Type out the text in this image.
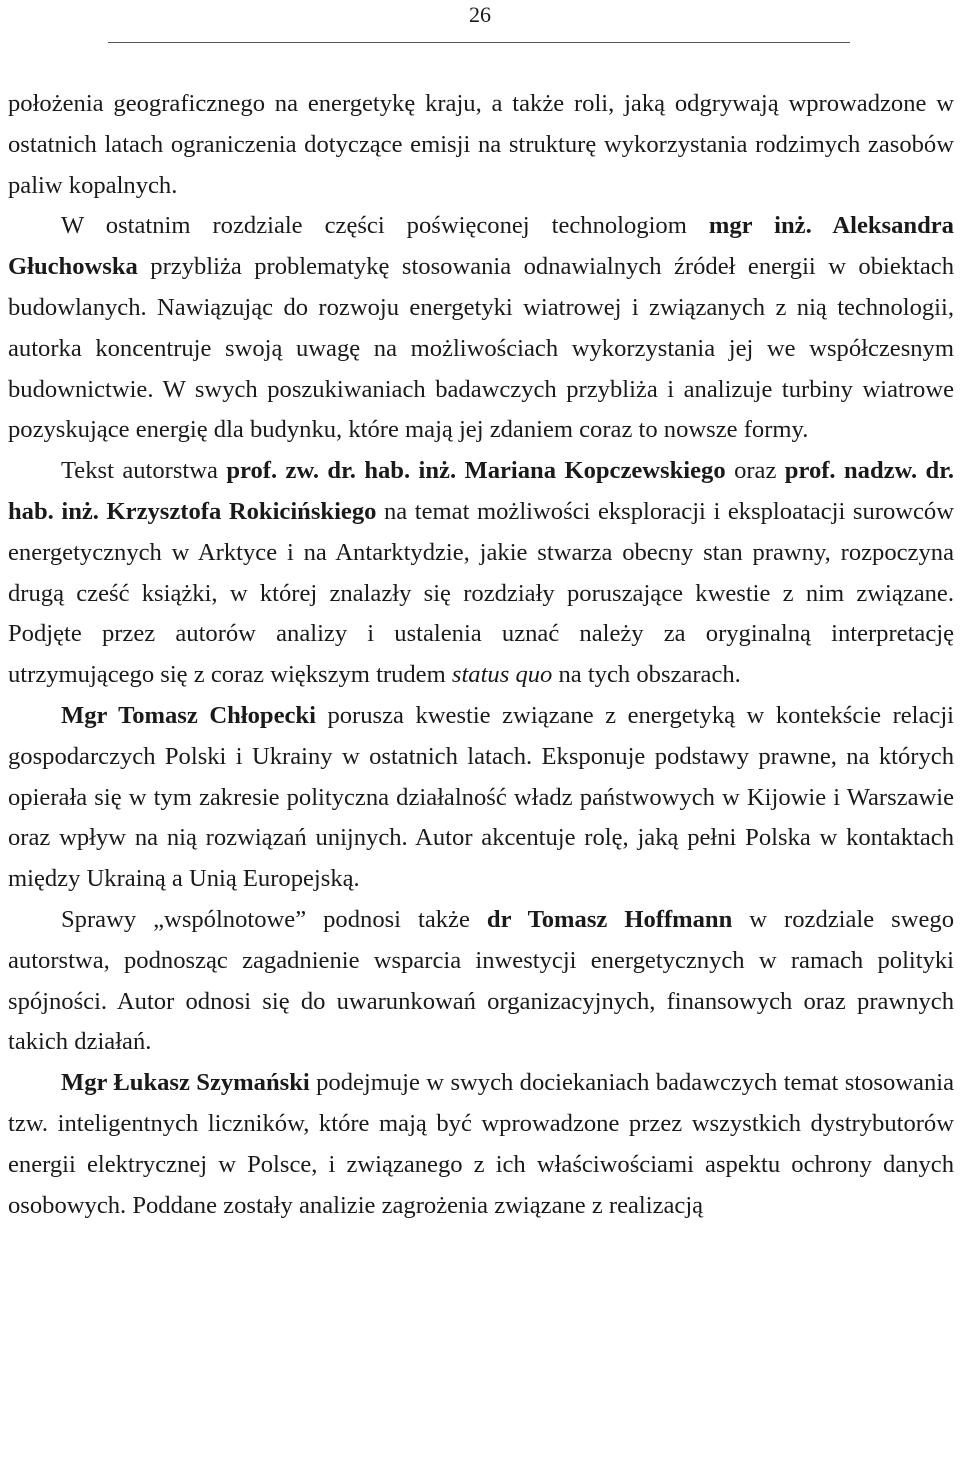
26

położenia geograficznego na energetykę kraju, a także roli, jaką odgrywają wprowadzone w ostatnich latach ograniczenia dotyczące emisji na strukturę wykorzystania rodzimych zasobów paliw kopalnych.

W ostatnim rozdziale części poświęconej technologiom mgr inż. Aleksandra Głuchowska przybliża problematykę stosowania odnawialnych źródeł energii w obiektach budowlanych. Nawiązując do rozwoju energetyki wiatrowej i związanych z nią technologii, autorka koncentruje swoją uwagę na możliwościach wykorzystania jej we współczesnym budownictwie. W swych poszukiwaniach badawczych przybliża i analizuje turbiny wiatrowe pozyskujące energię dla budynku, które mają jej zdaniem coraz to nowsze formy.

Tekst autorstwa prof. zw. dr. hab. inż. Mariana Kopczewskiego oraz prof. nadzw. dr. hab. inż. Krzysztofa Rokicińskiego na temat możliwości eksploracji i eksploatacji surowców energetycznych w Arktyce i na Antarktydzie, jakie stwarza obecny stan prawny, rozpoczyna drugą cześć książki, w której znalazły się rozdziały poruszające kwestie z nim związane. Podjęte przez autorów analizy i ustalenia uznać należy za oryginalną interpretację utrzymującego się z coraz większym trudem status quo na tych obszarach.

Mgr Tomasz Chłopecki porusza kwestie związane z energetyką w kontekście relacji gospodarczych Polski i Ukrainy w ostatnich latach. Eksponuje podstawy prawne, na których opierała się w tym zakresie polityczna działalność władz państwowych w Kijowie i Warszawie oraz wpływ na nią rozwiązań unijnych. Autor akcentuje rolę, jaką pełni Polska w kontaktach między Ukrainą a Unią Europejską.

Sprawy „wspólnotowe” podnosi także dr Tomasz Hoffmann w rozdziale swego autorstwa, podnosząc zagadnienie wsparcia inwestycji energetycznych w ramach polityki spójności. Autor odnosi się do uwarunkowań organizacyjnych, finansowych oraz prawnych takich działań.

Mgr Łukasz Szymański podejmuje w swych dociekaniach badawczych temat stosowania tzw. inteligentnych liczników, które mają być wprowadzone przez wszystkich dystrybutorów energii elektrycznej w Polsce, i związanego z ich właściwościami aspektu ochrony danych osobowych. Poddane zostały analizie zagrożenia związane z realizacją
